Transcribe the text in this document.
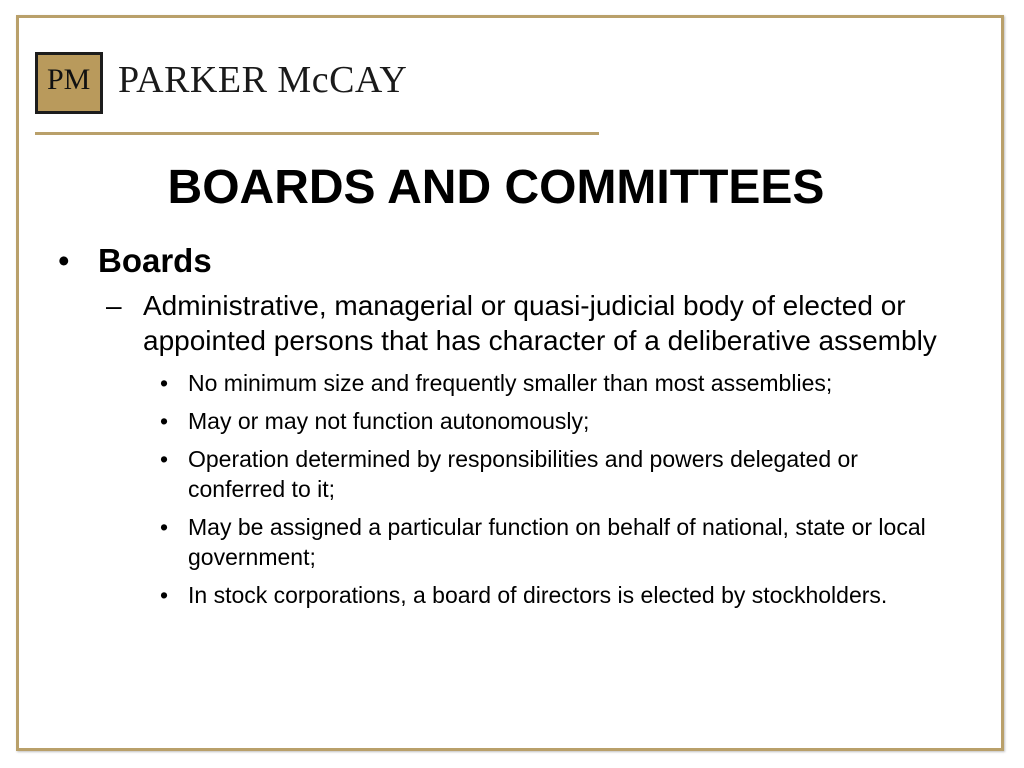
PM PARKER McCAY
BOARDS AND COMMITTEES
• Boards
– Administrative, managerial or quasi-judicial body of elected or appointed persons that has character of a deliberative assembly
• No minimum size and frequently smaller than most assemblies;
• May or may not function autonomously;
• Operation determined by responsibilities and powers delegated or conferred to it;
• May be assigned a particular function on behalf of national, state or local government;
• In stock corporations, a board of directors is elected by stockholders.
